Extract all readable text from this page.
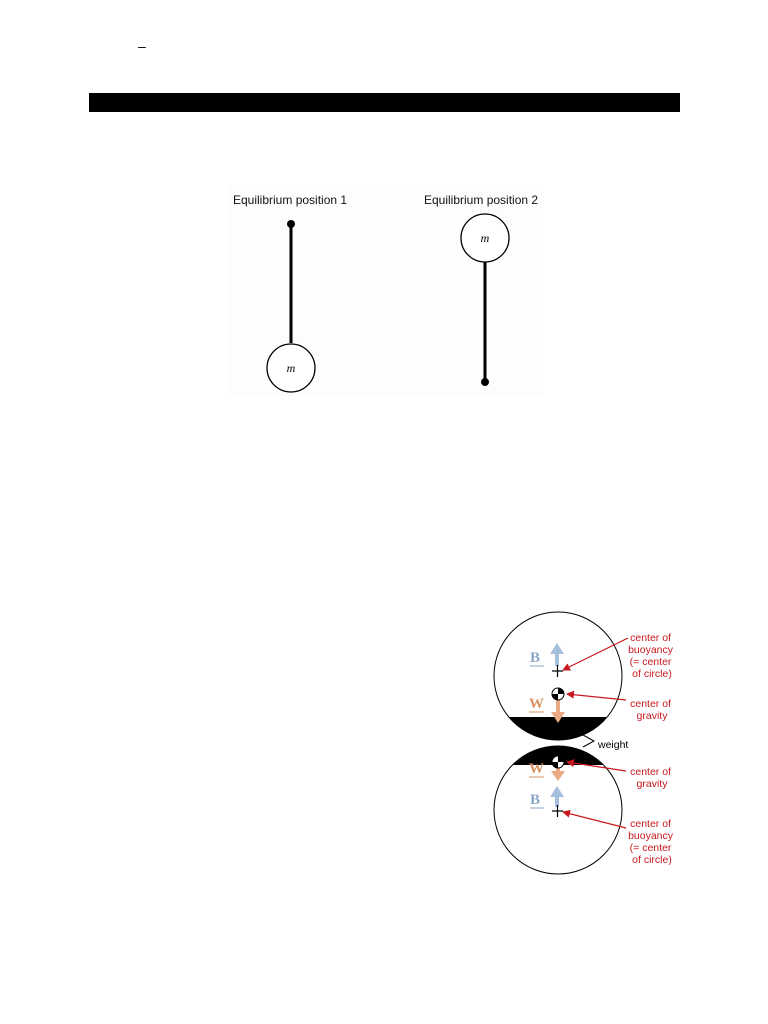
–
Equilibrium position 1	Equilibrium position 2
m
m
B
W
weight
W
B
center of buoyancy (= center of circle)
center of gravity
center of gravity
center of buoyancy (= center of circle)
